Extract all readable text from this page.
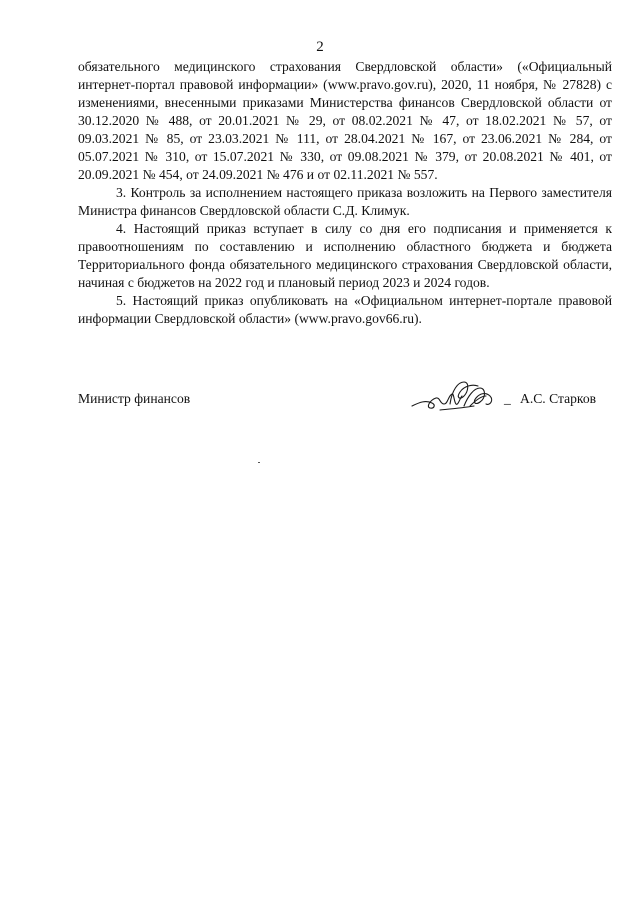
2

обязательного медицинского страхования Свердловской области» («Официальный интернет-портал правовой информации» (www.pravo.gov.ru), 2020, 11 ноября, № 27828) с изменениями, внесенными приказами Министерства финансов Свердловской области от 30.12.2020 № 488, от 20.01.2021 № 29, от 08.02.2021 № 47, от 18.02.2021 № 57, от 09.03.2021 № 85, от 23.03.2021 № 111, от 28.04.2021 № 167, от 23.06.2021 № 284, от 05.07.2021 № 310, от 15.07.2021 № 330, от 09.08.2021 № 379, от 20.08.2021 № 401, от 20.09.2021 № 454, от 24.09.2021 № 476 и от 02.11.2021 № 557.

3. Контроль за исполнением настоящего приказа возложить на Первого заместителя Министра финансов Свердловской области С.Д. Климук.

4. Настоящий приказ вступает в силу со дня его подписания и применяется к правоотношениям по составлению и исполнению областного бюджета и бюджета Территориального фонда обязательного медицинского страхования Свердловской области, начиная с бюджетов на 2022 год и плановый период 2023 и 2024 годов.

5. Настоящий приказ опубликовать на «Официальном интернет-портале правовой информации Свердловской области» (www.pravo.gov66.ru).

Министр финансов	_ А.С. Старков
